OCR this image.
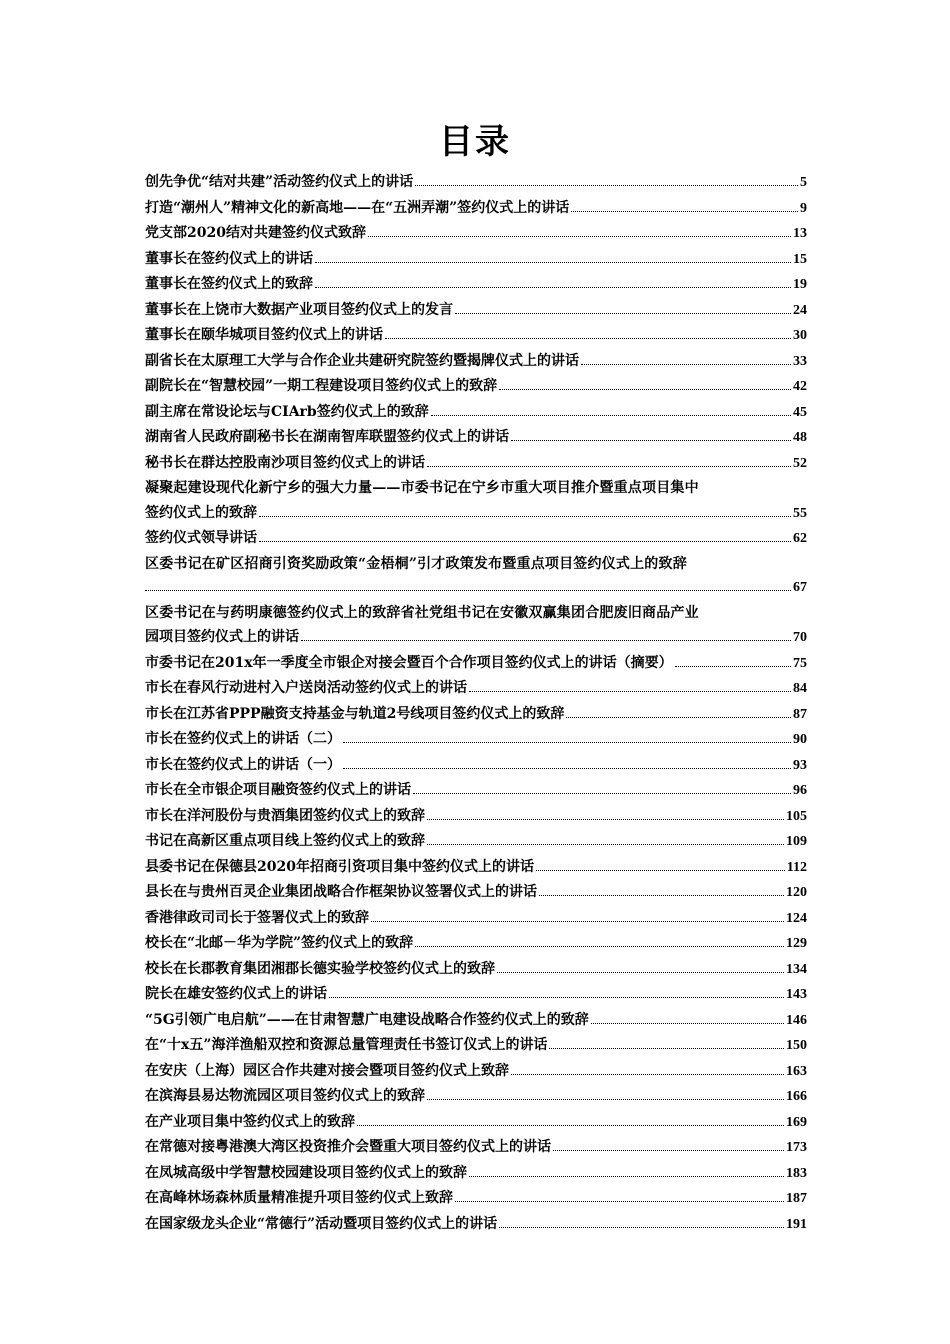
目录
创先争优“结对共建”活动签约仪式上的讲话	5
打造“潮州人”精神文化的新高地——在“五洲弄潮”签约仪式上的讲话	9
党支部2020结对共建签约仪式致辞	13
董事长在签约仪式上的讲话	15
董事长在签约仪式上的致辞	19
董事长在上饶市大数据产业项目签约仪式上的发言	24
董事长在颐华城项目签约仪式上的讲话	30
副省长在太原理工大学与合作企业共建研究院签约暨揭牌仪式上的讲话	33
副院长在“智慧校园”一期工程建设项目签约仪式上的致辞	42
副主席在常设论坛与CIArb签约仪式上的致辞	45
湖南省人民政府副秘书长在湖南智库联盟签约仪式上的讲话	48
秘书长在群达控股南沙项目签约仪式上的讲话	52
凝聚起建设现代化新宁乡的强大力量——市委书记在宁乡市重大项目推介暨重点项目集中
签约仪式上的致辞	55
签约仪式领导讲话	62
区委书记在矿区招商引资奖励政策“金梧桐”引才政策发布暨重点项目签约仪式上的致辞
67
区委书记在与药明康德签约仪式上的致辞省社党组书记在安徽双赢集团合肥废旧商品产业
园项目签约仪式上的讲话	70
市委书记在201x年一季度全市银企对接会暨百个合作项目签约仪式上的讲话（摘要）	75
市长在春风行动进村入户送岗活动签约仪式上的讲话	84
市长在江苏省PPP融资支持基金与轨道2号线项目签约仪式上的致辞	87
市长在签约仪式上的讲话（二）	90
市长在签约仪式上的讲话（一）	93
市长在全市银企项目融资签约仪式上的讲话	96
市长在洋河股份与贵酒集团签约仪式上的致辞	105
书记在高新区重点项目线上签约仪式上的致辞	109
县委书记在保德县2020年招商引资项目集中签约仪式上的讲话	112
县长在与贵州百灵企业集团战略合作框架协议签署仪式上的讲话	120
香港律政司司长于签署仪式上的致辞	124
校长在“北邮－华为学院”签约仪式上的致辞	129
校长在长郡教育集团湘郡长德实验学校签约仪式上的致辞	134
院长在雄安签约仪式上的讲话	143
“5G引领广电启航”——在甘肃智慧广电建设战略合作签约仪式上的致辞	146
在“十x五”海洋渔船双控和资源总量管理责任书签订仪式上的讲话	150
在安庆（上海）园区合作共建对接会暨项目签约仪式上致辞	163
在滨海县易达物流园区项目签约仪式上的致辞	166
在产业项目集中签约仪式上的致辞	169
在常德对接粤港澳大湾区投资推介会暨重大项目签约仪式上的讲话	173
在凤城高级中学智慧校园建设项目签约仪式上的致辞	183
在高峰林场森林质量精准提升项目签约仪式上致辞	187
在国家级龙头企业“常德行”活动暨项目签约仪式上的讲话	191
